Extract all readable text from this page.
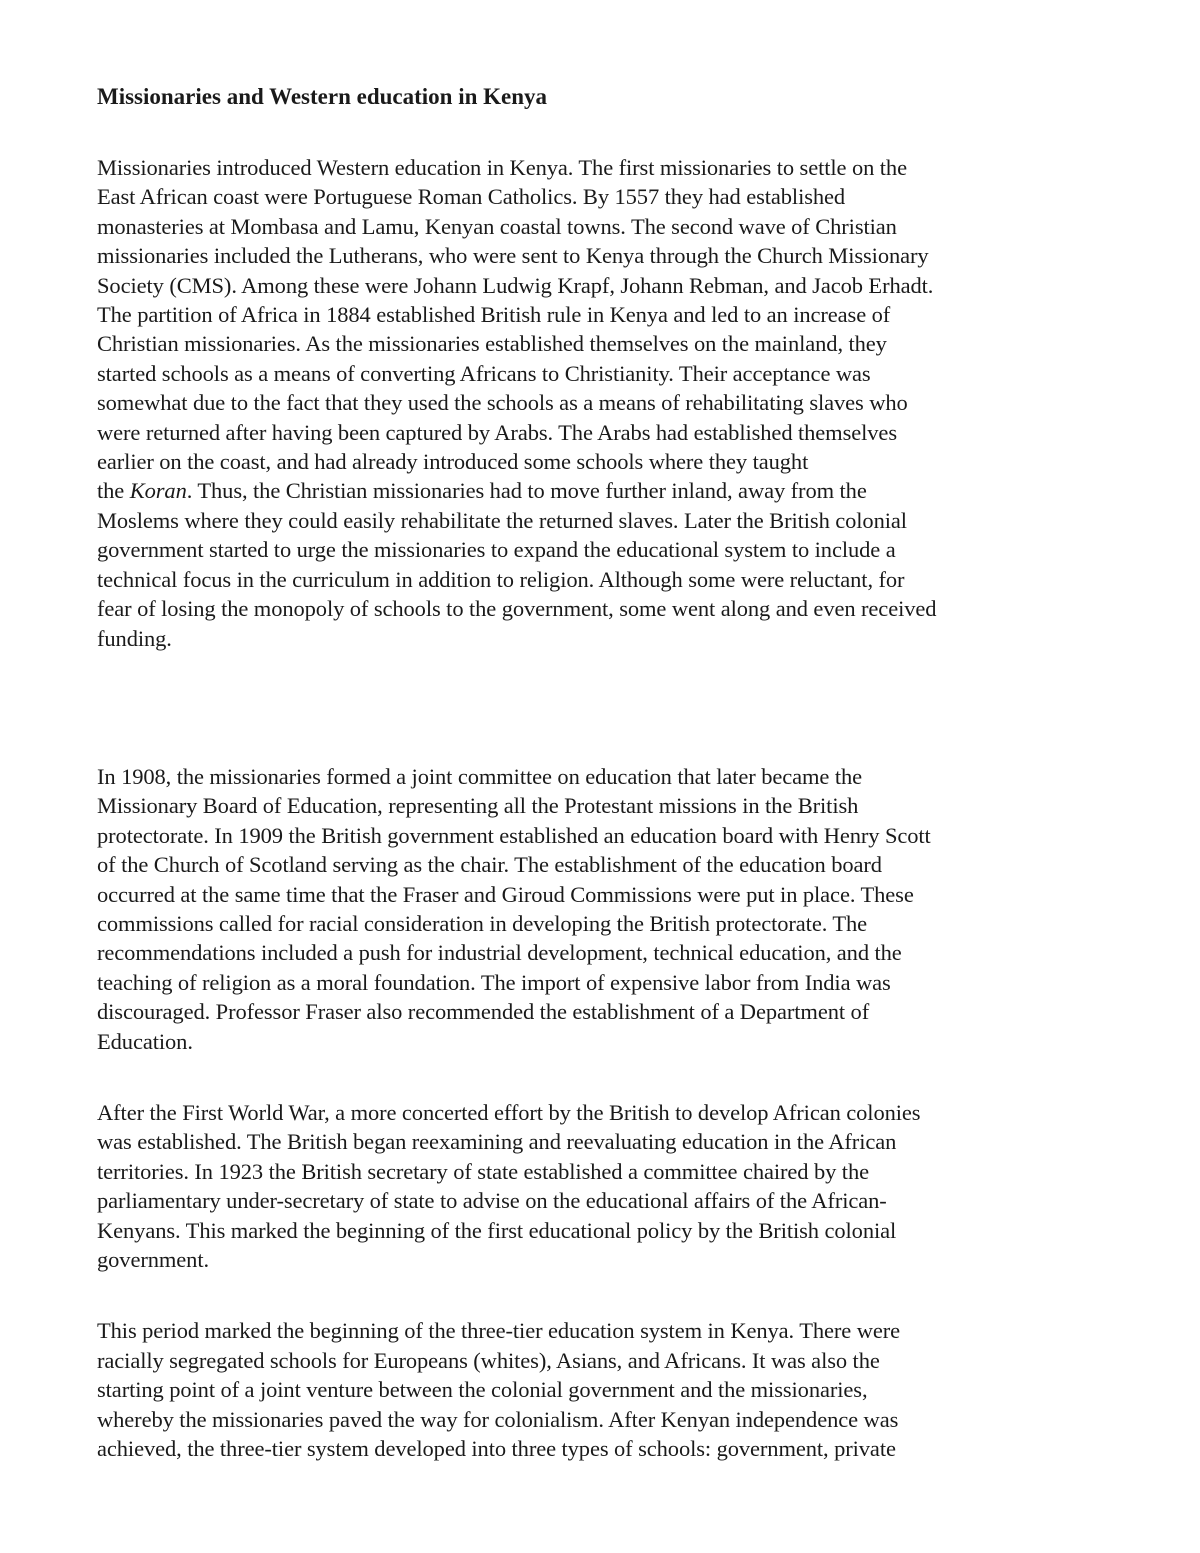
Missionaries and Western education in Kenya
Missionaries introduced Western education in Kenya. The first missionaries to settle on the
East African coast were Portuguese Roman Catholics. By 1557 they had established
monasteries at Mombasa and Lamu, Kenyan coastal towns. The second wave of Christian
missionaries included the Lutherans, who were sent to Kenya through the Church Missionary
Society (CMS). Among these were Johann Ludwig Krapf, Johann Rebman, and Jacob Erhadt.
The partition of Africa in 1884 established British rule in Kenya and led to an increase of
Christian missionaries. As the missionaries established themselves on the mainland, they
started schools as a means of converting Africans to Christianity. Their acceptance was
somewhat due to the fact that they used the schools as a means of rehabilitating slaves who
were returned after having been captured by Arabs. The Arabs had established themselves
earlier on the coast, and had already introduced some schools where they taught
the Koran. Thus, the Christian missionaries had to move further inland, away from the
Moslems where they could easily rehabilitate the returned slaves. Later the British colonial
government started to urge the missionaries to expand the educational system to include a
technical focus in the curriculum in addition to religion. Although some were reluctant, for
fear of losing the monopoly of schools to the government, some went along and even received
funding.
In 1908, the missionaries formed a joint committee on education that later became the
Missionary Board of Education, representing all the Protestant missions in the British
protectorate. In 1909 the British government established an education board with Henry Scott
of the Church of Scotland serving as the chair. The establishment of the education board
occurred at the same time that the Fraser and Giroud Commissions were put in place. These
commissions called for racial consideration in developing the British protectorate. The
recommendations included a push for industrial development, technical education, and the
teaching of religion as a moral foundation. The import of expensive labor from India was
discouraged. Professor Fraser also recommended the establishment of a Department of
Education.
After the First World War, a more concerted effort by the British to develop African colonies
was established. The British began reexamining and reevaluating education in the African
territories. In 1923 the British secretary of state established a committee chaired by the
parliamentary under-secretary of state to advise on the educational affairs of the African-
Kenyans. This marked the beginning of the first educational policy by the British colonial
government.
This period marked the beginning of the three-tier education system in Kenya. There were
racially segregated schools for Europeans (whites), Asians, and Africans. It was also the
starting point of a joint venture between the colonial government and the missionaries,
whereby the missionaries paved the way for colonialism. After Kenyan independence was
achieved, the three-tier system developed into three types of schools: government, private
